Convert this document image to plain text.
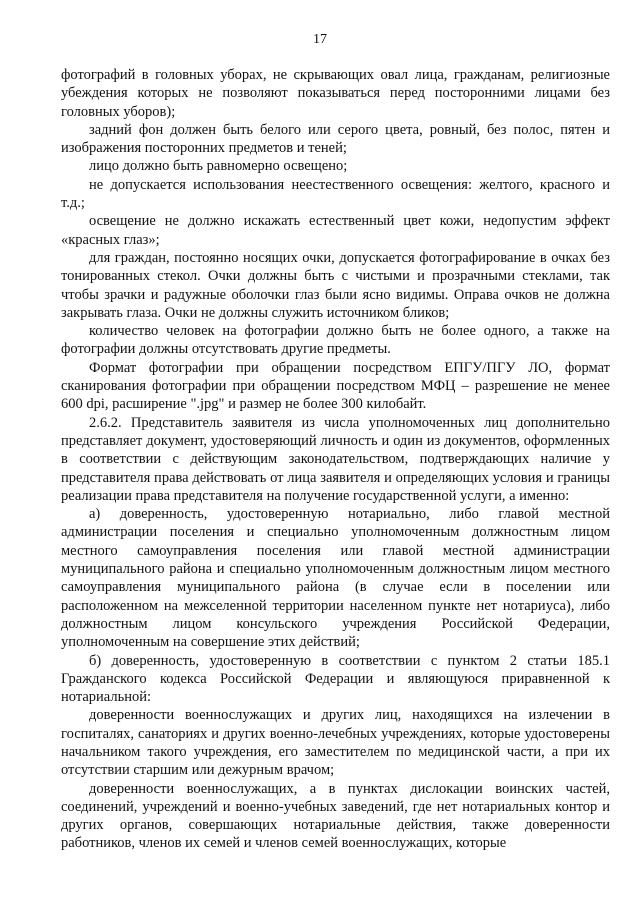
17

фотографий в головных уборах, не скрывающих овал лица, гражданам, религиозные убеждения которых не позволяют показываться перед посторонними лицами без головных уборов);

задний фон должен быть белого или серого цвета, ровный, без полос, пятен и изображения посторонних предметов и теней;

лицо должно быть равномерно освещено;

не допускается использования неестественного освещения: желтого, красного и т.д.;

освещение не должно искажать естественный цвет кожи, недопустим эффект «красных глаз»;

для граждан, постоянно носящих очки, допускается фотографирование в очках без тонированных стекол. Очки должны быть с чистыми и прозрачными стеклами, так чтобы зрачки и радужные оболочки глаз были ясно видимы. Оправа очков не должна закрывать глаза. Очки не должны служить источником бликов;

количество человек на фотографии должно быть не более одного, а также на фотографии должны отсутствовать другие предметы.

Формат фотографии при обращении посредством ЕПГУ/ПГУ ЛО, формат сканирования фотографии при обращении посредством МФЦ – разрешение не менее 600 dpi, расширение ".jpg" и размер не более 300 килобайт.

2.6.2. Представитель заявителя из числа уполномоченных лиц дополнительно представляет документ, удостоверяющий личность и один из документов, оформленных в соответствии с действующим законодательством, подтверждающих наличие у представителя права действовать от лица заявителя и определяющих условия и границы реализации права представителя на получение государственной услуги, а именно:

а) доверенность, удостоверенную нотариально, либо главой местной администрации поселения и специально уполномоченным должностным лицом местного самоуправления поселения или главой местной администрации муниципального района и специально уполномоченным должностным лицом местного самоуправления муниципального района (в случае если в поселении или расположенном на межселенной территории населенном пункте нет нотариуса), либо должностным лицом консульского учреждения Российской Федерации, уполномоченным на совершение этих действий;

б) доверенность, удостоверенную в соответствии с пунктом 2 статьи 185.1 Гражданского кодекса Российской Федерации и являющуюся приравненной к нотариальной:

доверенности военнослужащих и других лиц, находящихся на излечении в госпиталях, санаториях и других военно-лечебных учреждениях, которые удостоверены начальником такого учреждения, его заместителем по медицинской части, а при их отсутствии старшим или дежурным врачом;

доверенности военнослужащих, а в пунктах дислокации воинских частей, соединений, учреждений и военно-учебных заведений, где нет нотариальных контор и других органов, совершающих нотариальные действия, также доверенности работников, членов их семей и членов семей военнослужащих, которые
